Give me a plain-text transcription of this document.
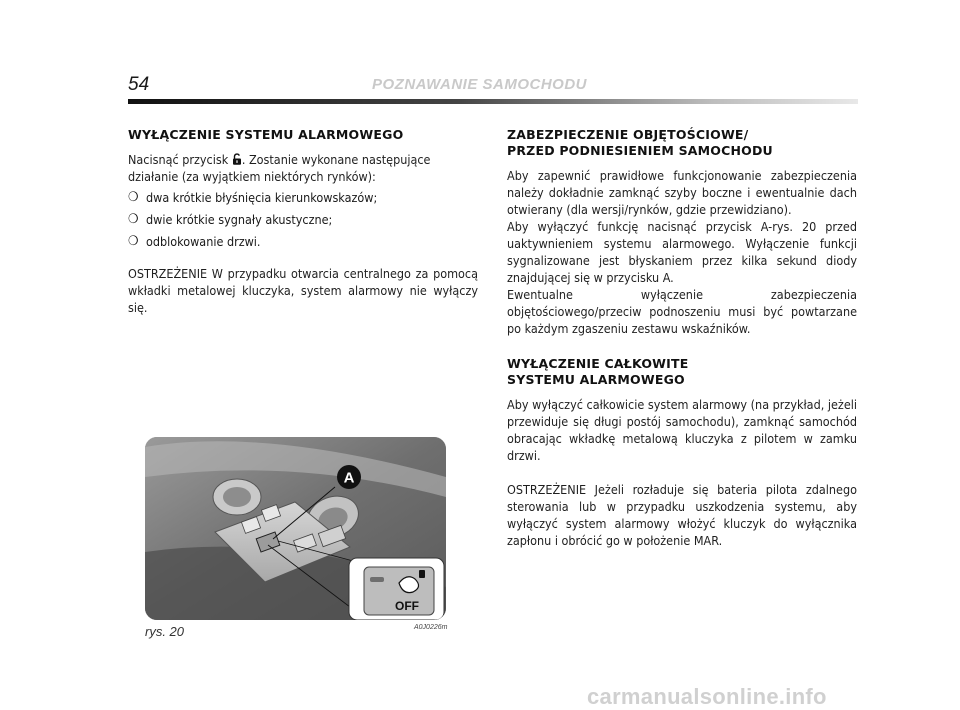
54	POZNAWANIE SAMOCHODU
WYŁĄCZENIE SYSTEMU ALARMOWEGO

Nacisnąć przycisk . Zostanie wykonane następujące działanie (za wyjątkiem niektórych rynków):

❍ dwa krótkie błyśnięcia kierunkowskazów;
❍ dwie krótkie sygnały akustyczne;
❍ odblokowanie drzwi.

OSTRZEŻENIE W przypadku otwarcia centralnego za pomocą wkładki metalowej kluczyka, system alarmowy nie wyłączy się.

ZABEZPIECZENIE OBJĘTOŚCIOWE/
PRZED PODNIESIENIEM SAMOCHODU

Aby zapewnić prawidłowe funkcjonowanie zabezpieczenia należy dokładnie zamknąć szyby boczne i ewentualnie dach otwierany (dla wersji/rynków, gdzie przewidziano).

Aby wyłączyć funkcję nacisnąć przycisk A-rys. 20 przed uaktywnieniem systemu alarmowego. Wyłączenie funkcji sygnalizowane jest błyskaniem przez kilka sekund diody znajdującej się w przycisku A.

Ewentualne wyłączenie zabezpieczenia objętościowego/przeciw podnoszeniu musi być powtarzane po każdym zgaszeniu zestawu wskaźników.

WYŁĄCZENIE CAŁKOWITE
SYSTEMU ALARMOWEGO

Aby wyłączyć całkowicie system alarmowy (na przykład, jeżeli przewiduje się długi postój samochodu), zamknąć samochód obracając wkładkę metalową kluczyka z pilotem w zamku drzwi.

OSTRZEŻENIE Jeżeli rozładuje się bateria pilota zdalnego sterowania lub w przypadku uszkodzenia systemu, aby wyłączyć system alarmowy włożyć kluczyk do wyłącznika zapłonu i obrócić go w położenie MAR.

A
OFF
rys. 20	A0J0226m
carmanualsonline.info
